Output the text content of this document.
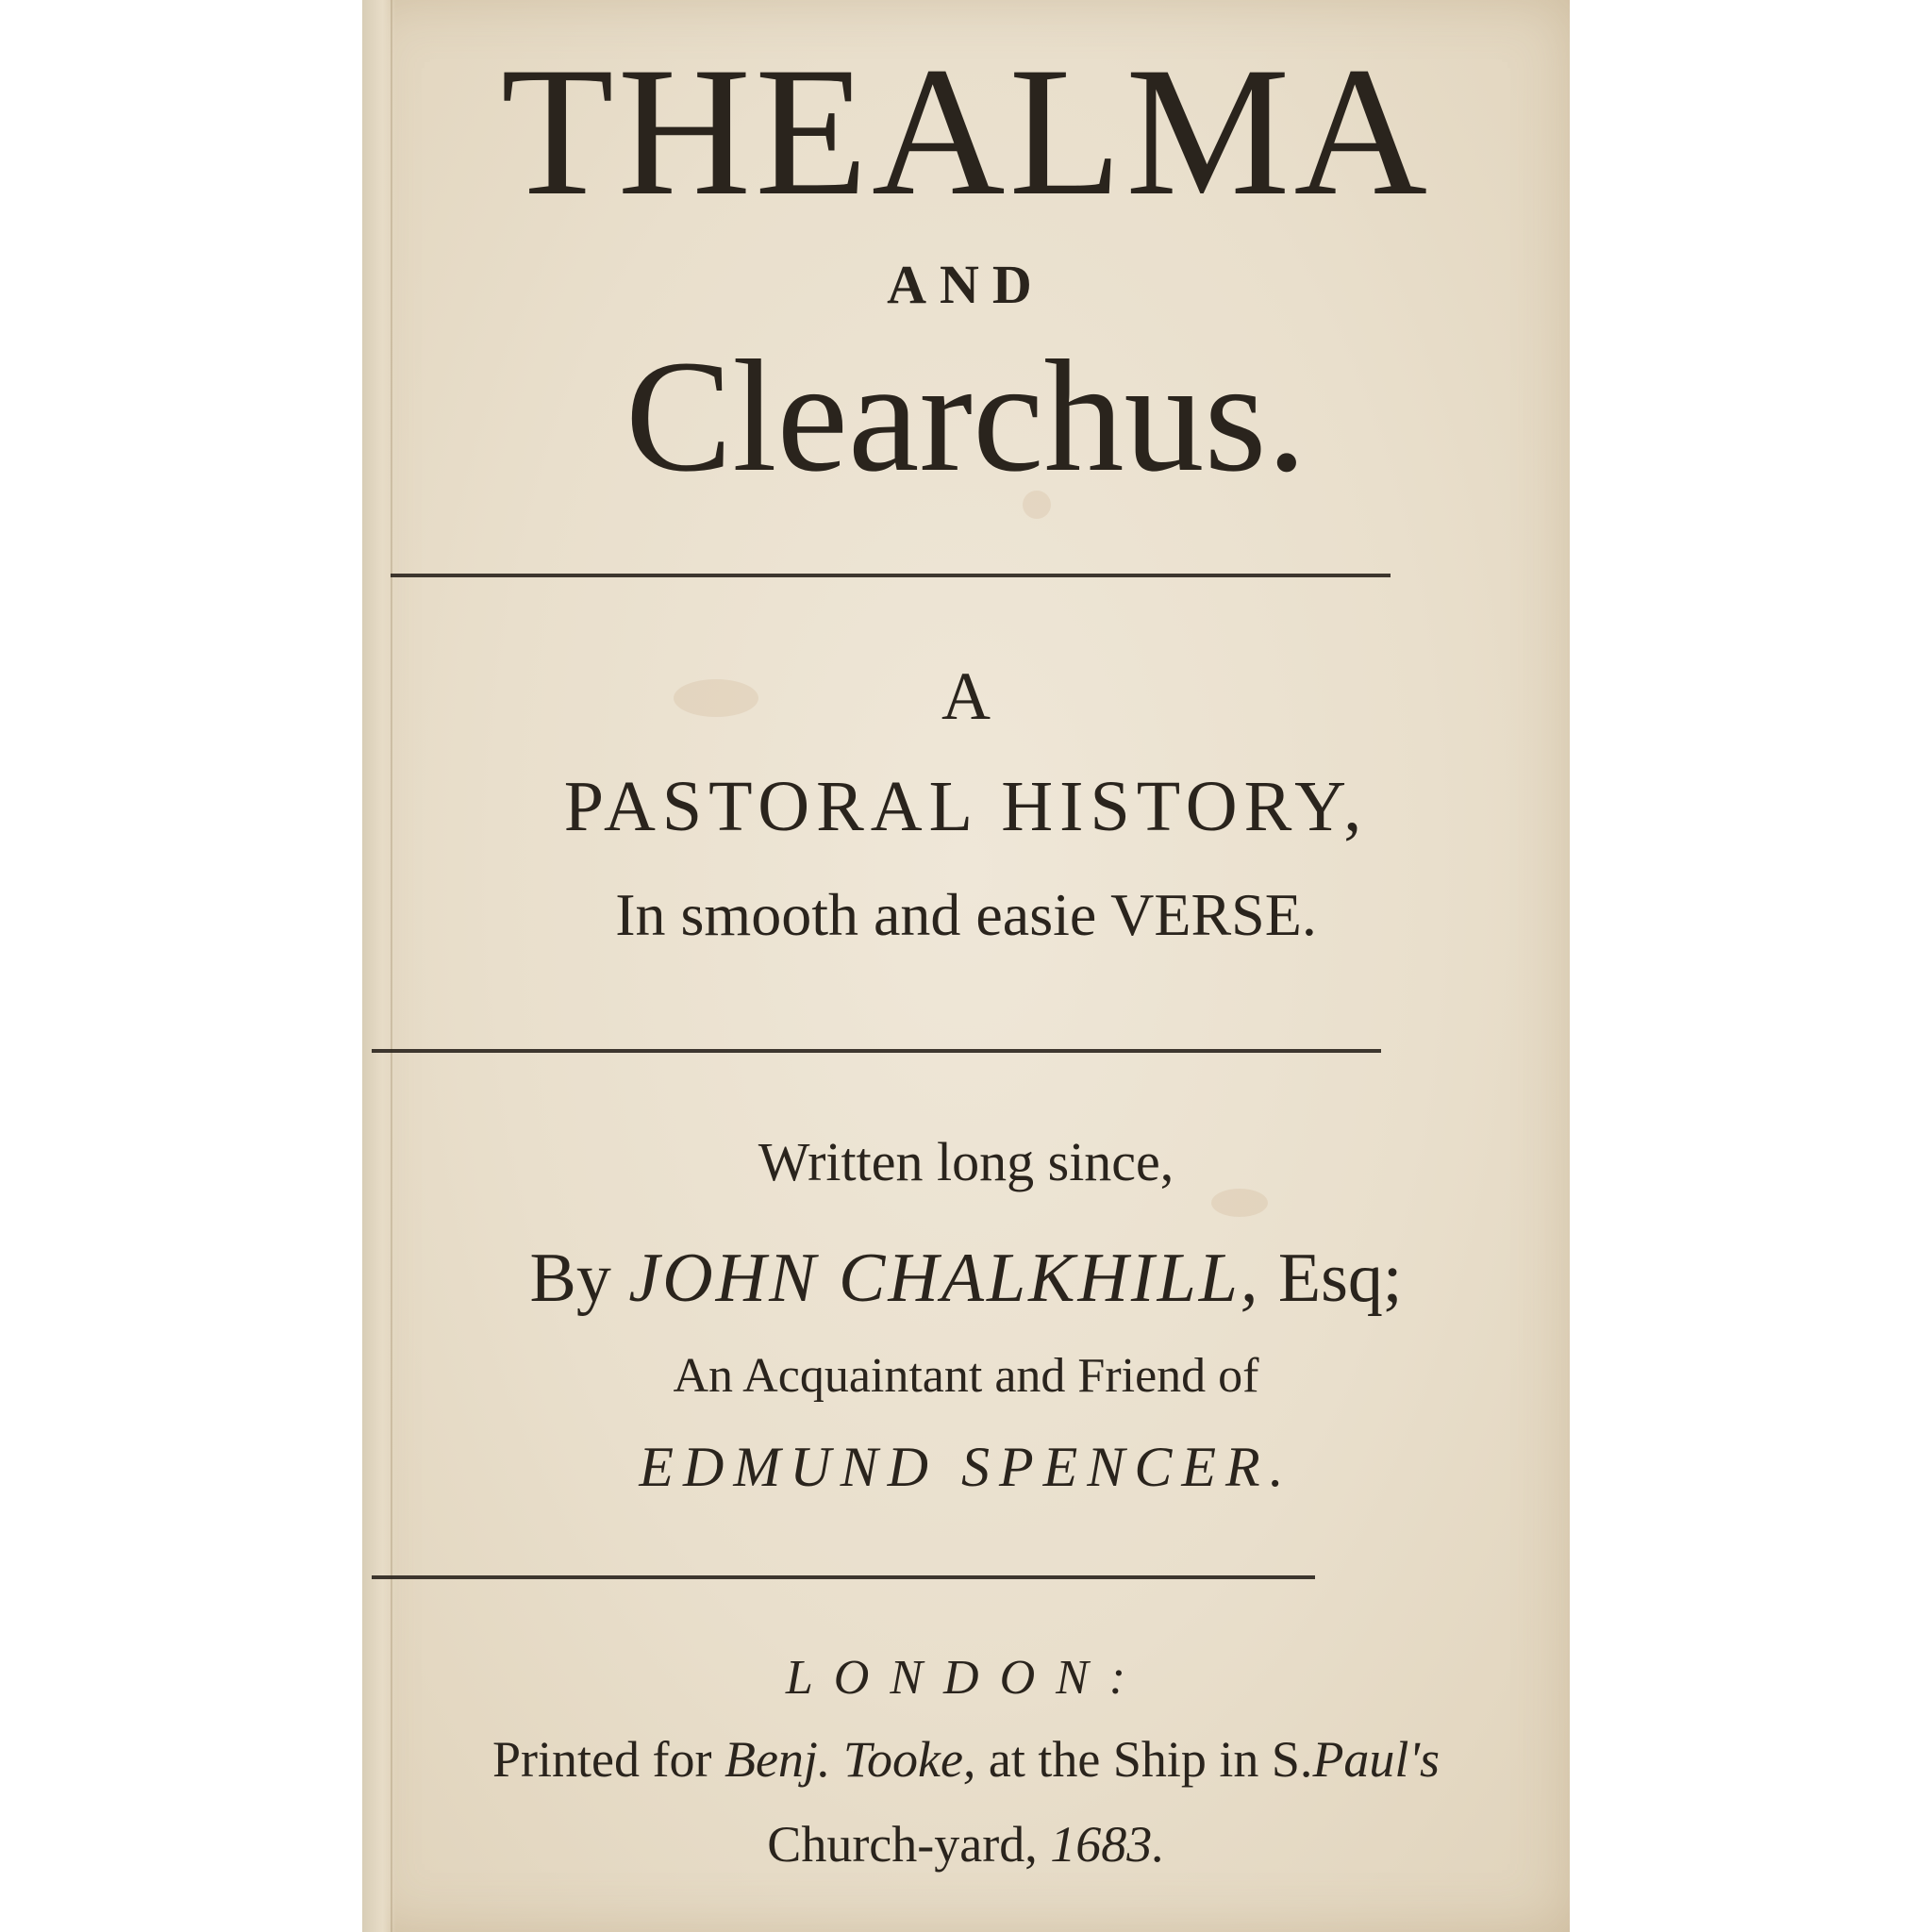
THEALMA
AND
Clearchus.
A
PASTORAL HISTORY,
In smooth and easie VERSE.
Written long since,
By JOHN CHALKHILL, Esq;
An Acquaintant and Friend of
EDMUND SPENCER.
LONDON:
Printed for Benj. Tooke, at the Ship in S.Paul's
Church-yard, 1683.
